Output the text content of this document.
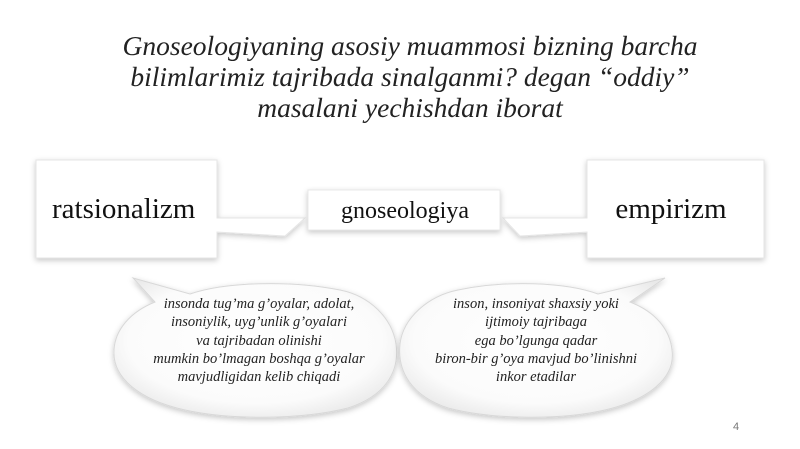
Gnoseologiyaning asosiy muammosi bizning barcha
bilimlarimiz tajribada sinalganmi? degan “oddiy”
masalani yechishdan iborat
ratsionalizm	gnoseologiya	empirizm
insonda tug’ma g’oyalar, adolat,
insoniylik, uyg’unlik g’oyalari
va tajribadan olinishi
mumkin bo’lmagan boshqa g’oyalar
mavjudligidan kelib chiqadi
inson, insoniyat shaxsiy yoki
ijtimoiy tajribaga
ega bo’lgunga qadar
biron-bir g’oya mavjud bo’linishni
inkor etadilar
4
